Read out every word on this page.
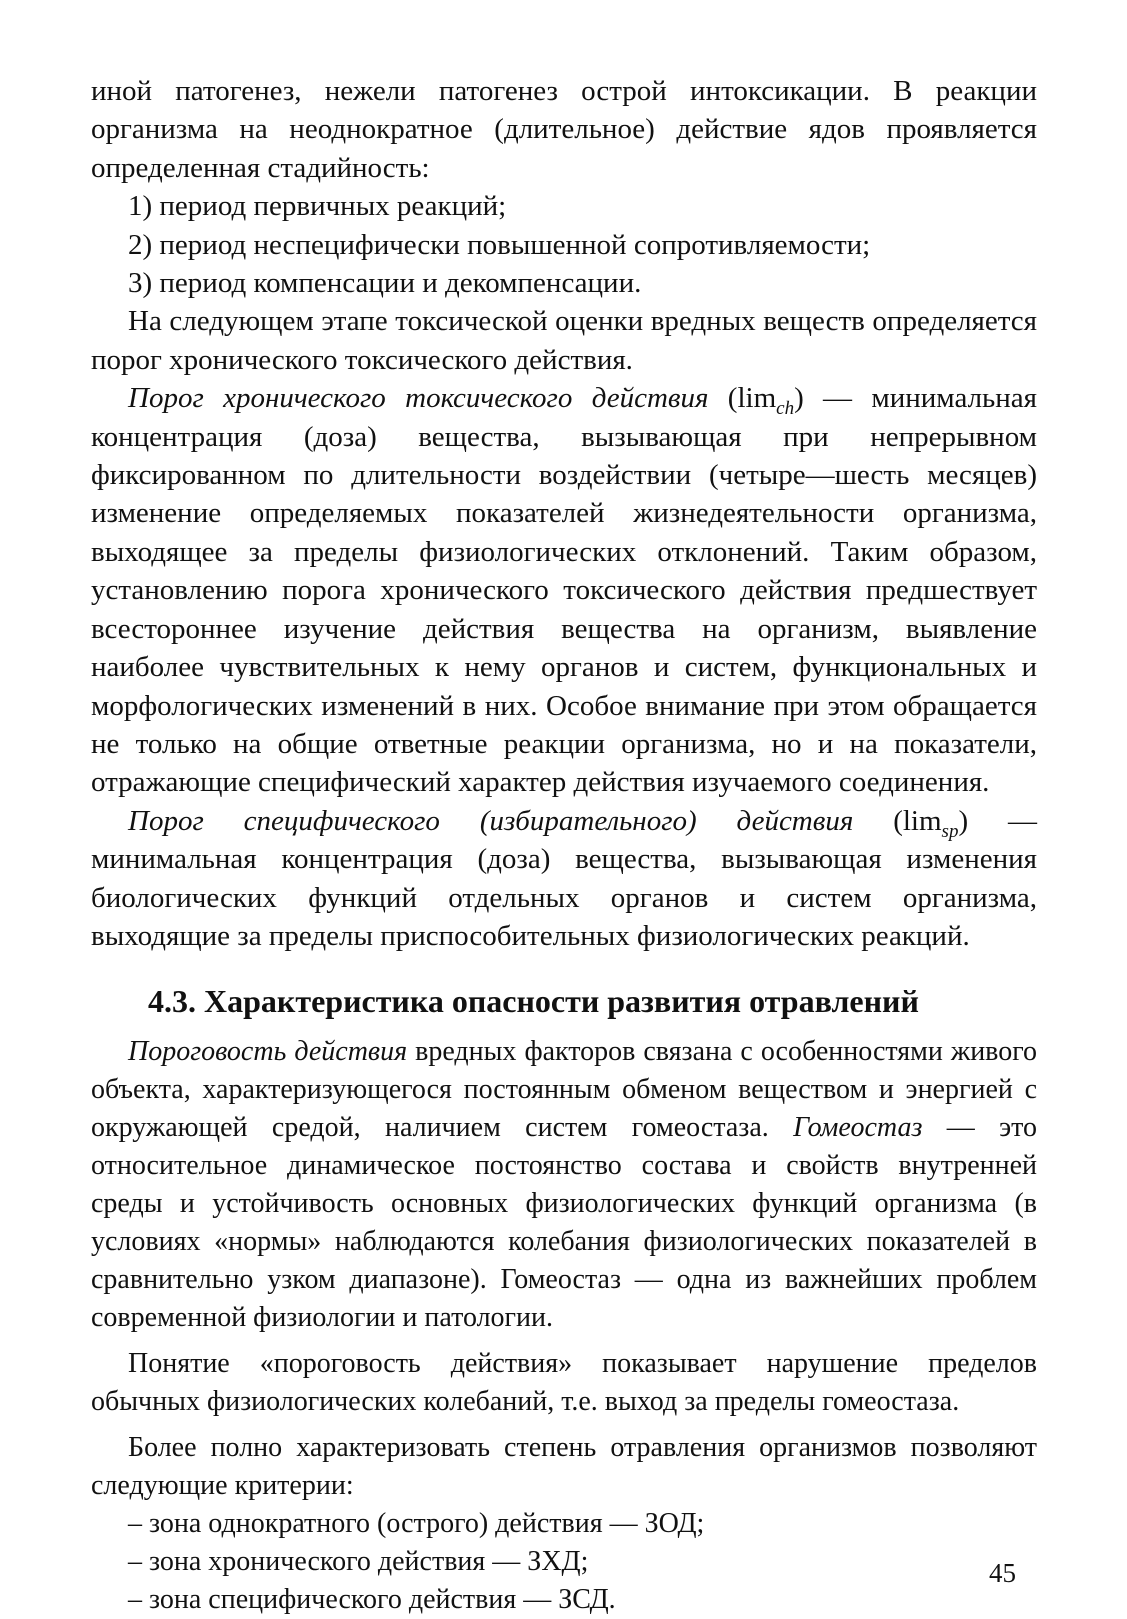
иной патогенез, нежели патогенез острой интоксикации. В реакции организма на неоднократное (длительное) действие ядов проявляется определенная стадийность:

1) период первичных реакций;

2) период неспецифически повышенной сопротивляемости;

3) период компенсации и декомпенсации.

На следующем этапе токсической оценки вредных веществ определяется порог хронического токсического действия.

Порог хронического токсического действия $(\lim_{ch})$ — минимальная концентрация (доза) вещества, вызывающая при непрерывном фиксированном по длительности воздействии (четыре—шесть месяцев) изменение определяемых показателей жизнедеятельности организма, выходящее за пределы физиологических отклонений. Таким образом, установлению порога хронического токсического действия предшествует всестороннее изучение действия вещества на организм, выявление наиболее чувствительных к нему органов и систем, функциональных и морфологических изменений в них. Особое внимание при этом обращается не только на общие ответные реакции организма, но и на показатели, отражающие специфический характер действия изучаемого соединения.

Порог специфического (избирательного) действия $(\lim_{sp})$ — минимальная концентрация (доза) вещества, вызывающая изменения биологических функций отдельных органов и систем организма, выходящие за пределы приспособительных физиологических реакций.

4.3. Характеристика опасности развития отравлений

Пороговость действия вредных факторов связана с особенностями живого объекта, характеризующегося постоянным обменом веществом и энергией с окружающей средой, наличием систем гомеостаза. Гомеостаз — это относительное динамическое постоянство состава и свойств внутренней среды и устойчивость основных физиологических функций организма (в условиях «нормы» наблюдаются колебания физиологических показателей в сравнительно узком диапазоне). Гомеостаз — одна из важнейших проблем современной физиологии и патологии.

Понятие «пороговость действия» показывает нарушение пределов обычных физиологических колебаний, т.е. выход за пределы гомеостаза.

Более полно характеризовать степень отравления организмов позволяют следующие критерии:

– зона однократного (острого) действия — ЗОД;

– зона хронического действия — ЗХД;

– зона специфического действия — ЗСД.

45
